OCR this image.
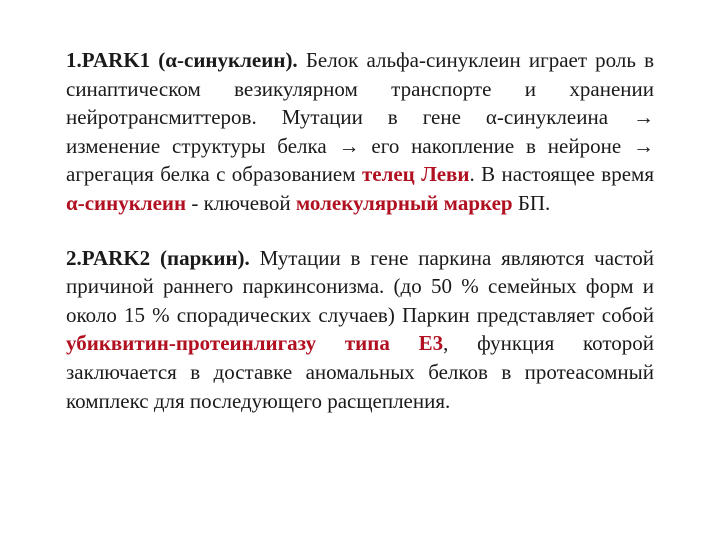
1.PARK1 (α-синуклеин). Белок альфа-синуклеин играет роль в синаптическом везикулярном транспорте и хранении нейротрансмиттеров. Мутации в гене α-синуклеина → изменение структуры белка → его накопление в нейроне → агрегация белка с образованием телец Леви. В настоящее время α-синуклеин - ключевой молекулярный маркер БП.

2.PARK2 (паркин). Мутации в гене паркина являются частой причиной раннего паркинсонизма. (до 50 % семейных форм и около 15 % спорадических случаев) Паркин представляет собой убиквитин-протеинлигазу типа Е3, функция которой заключается в доставке аномальных белков в протеасомный комплекс для последующего расщепления.
